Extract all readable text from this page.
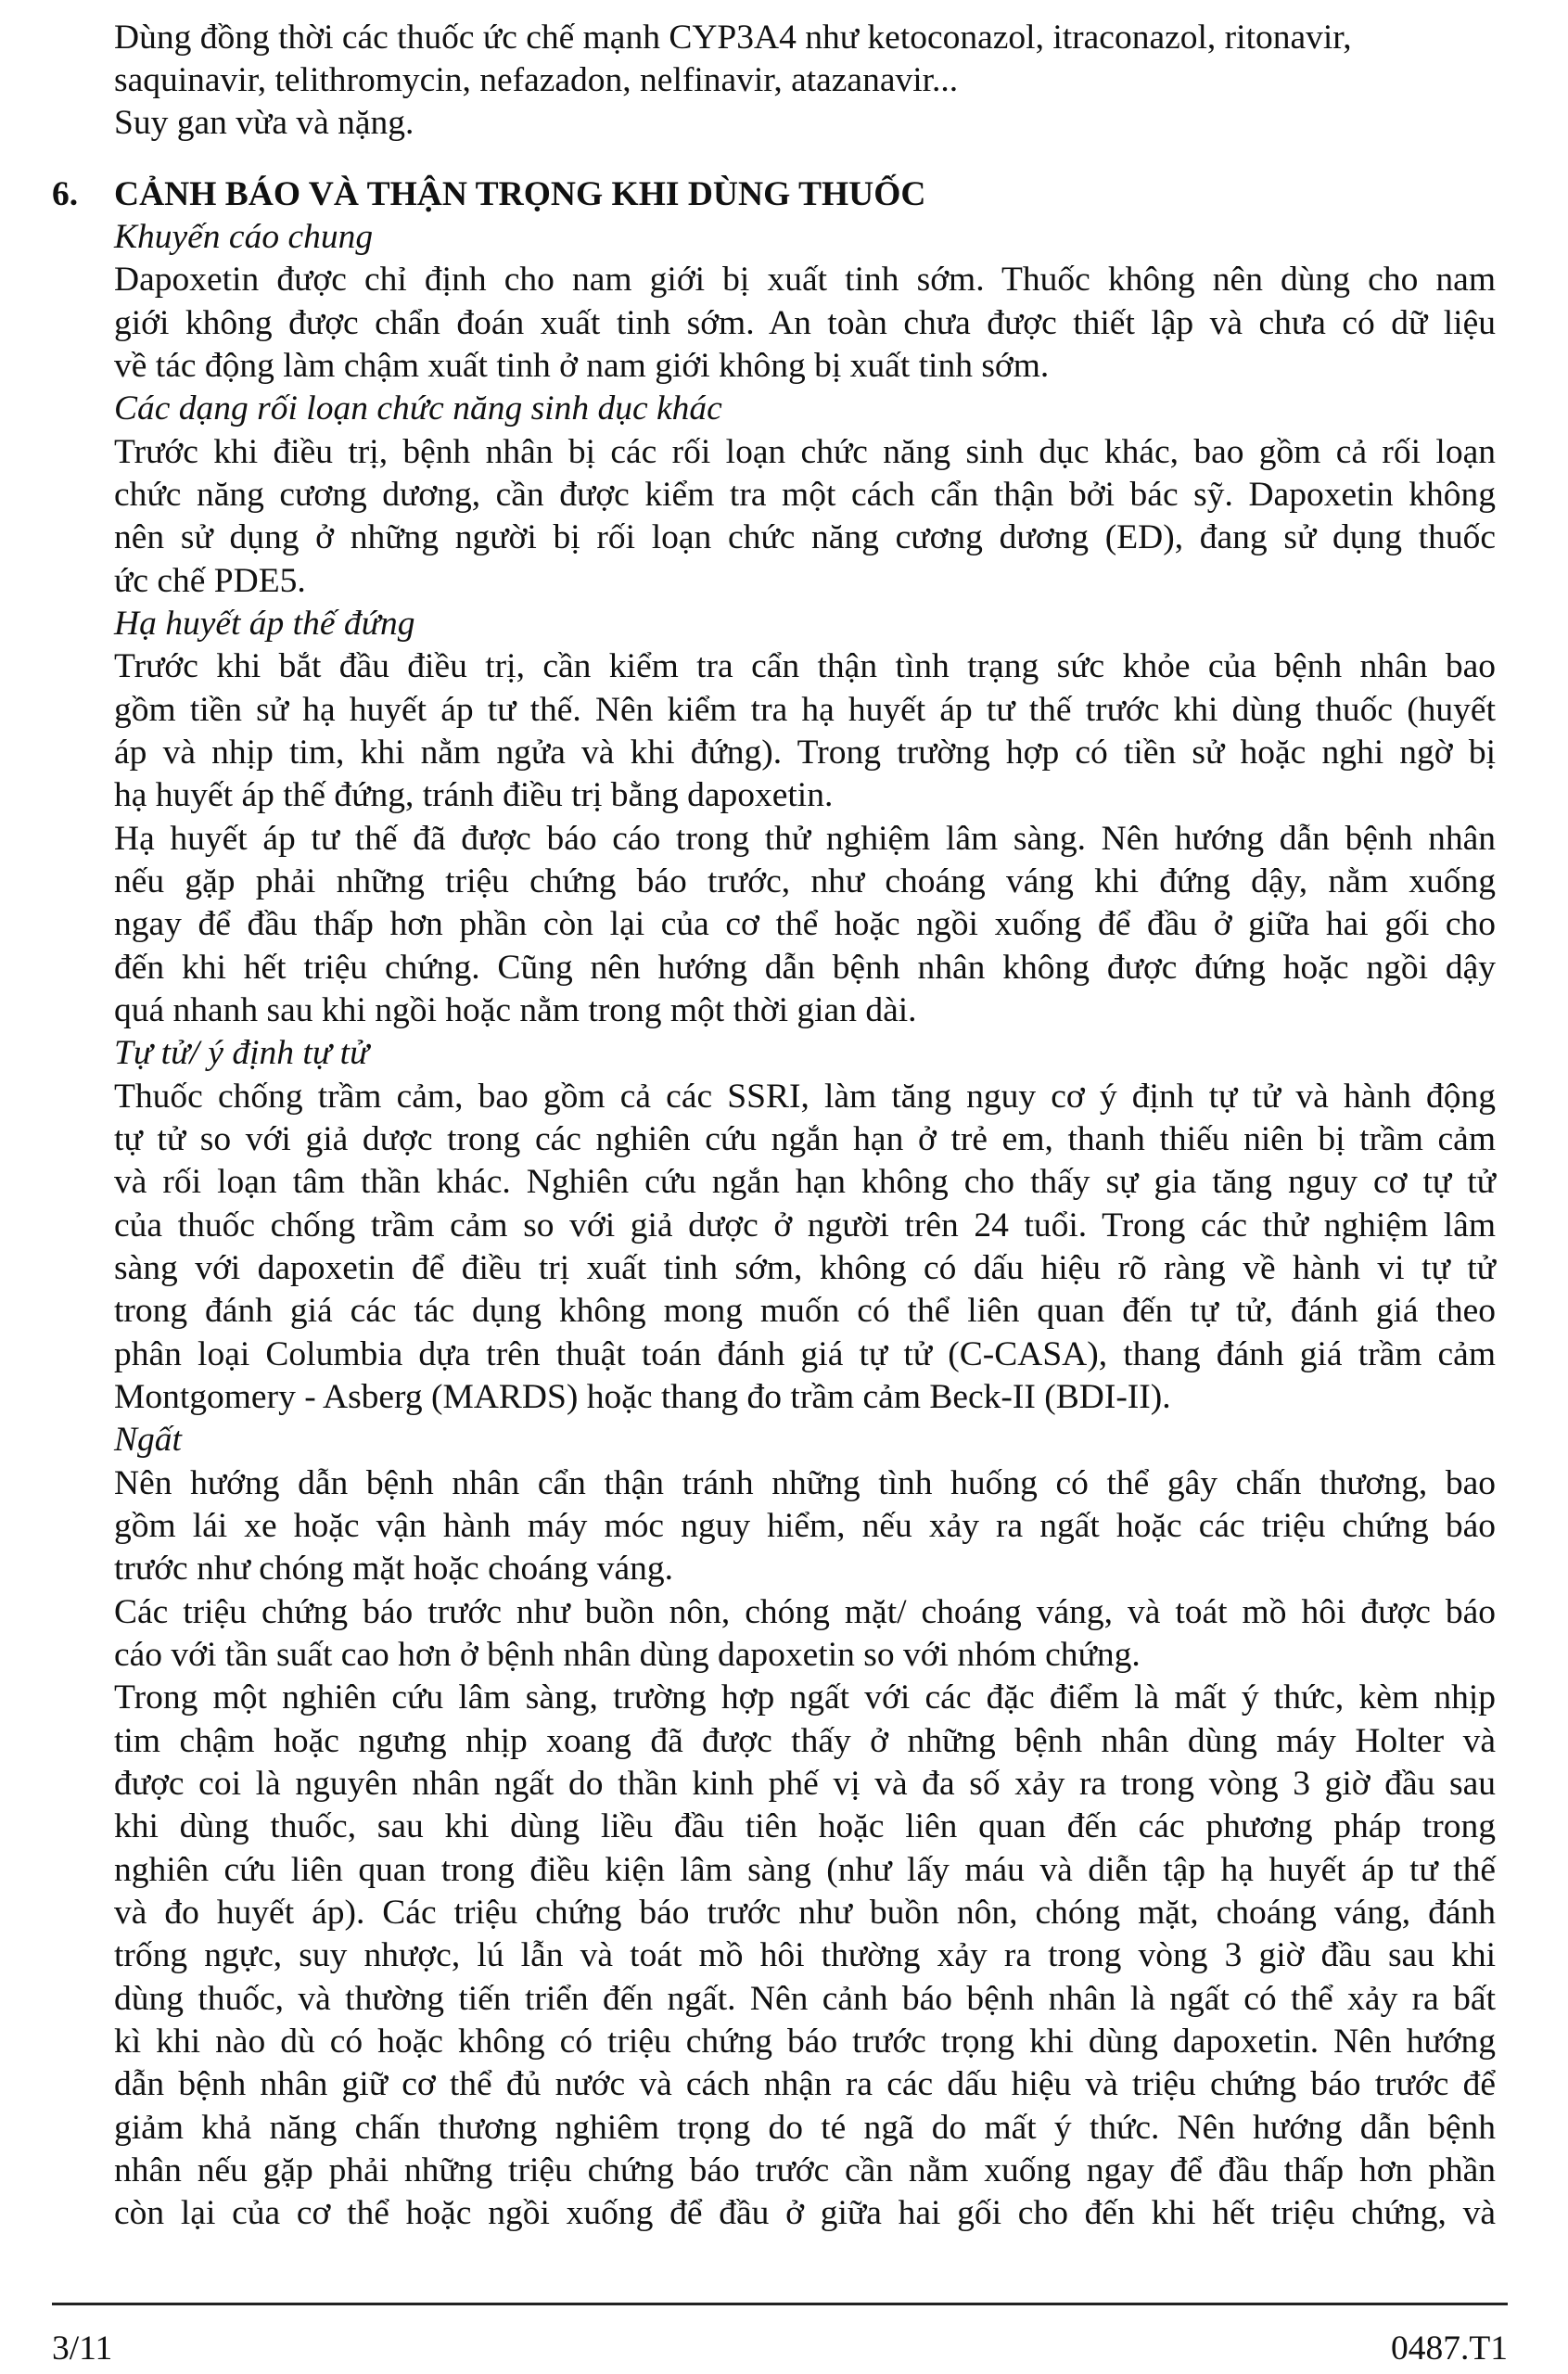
Dùng đồng thời các thuốc ức chế mạnh CYP3A4 như ketoconazol, itraconazol, ritonavir,
saquinavir, telithromycin, nefazadon, nelfinavir, atazanavir...
Suy gan vừa và nặng.
Khuyến cáo chung
Dapoxetin được chỉ định cho nam giới bị xuất tinh sớm. Thuốc không nên dùng cho nam
giới không được chẩn đoán xuất tinh sớm. An toàn chưa được thiết lập và chưa có dữ liệu
về tác động làm chậm xuất tinh ở nam giới không bị xuất tinh sớm.
Các dạng rối loạn chức năng sinh dục khác
Trước khi điều trị, bệnh nhân bị các rối loạn chức năng sinh dục khác, bao gồm cả rối loạn
chức năng cương dương, cần được kiểm tra một cách cẩn thận bởi bác sỹ. Dapoxetin không
nên sử dụng ở những người bị rối loạn chức năng cương dương (ED), đang sử dụng thuốc
ức chế PDE5.
Hạ huyết áp thế đứng
Trước khi bắt đầu điều trị, cần kiểm tra cẩn thận tình trạng sức khỏe của bệnh nhân bao
gồm tiền sử hạ huyết áp tư thế. Nên kiểm tra hạ huyết áp tư thế trước khi dùng thuốc (huyết
áp và nhịp tim, khi nằm ngửa và khi đứng). Trong trường hợp có tiền sử hoặc nghi ngờ bị
hạ huyết áp thế đứng, tránh điều trị bằng dapoxetin.
Hạ huyết áp tư thế đã được báo cáo trong thử nghiệm lâm sàng. Nên hướng dẫn bệnh nhân
nếu gặp phải những triệu chứng báo trước, như choáng váng khi đứng dậy, nằm xuống
ngay để đầu thấp hơn phần còn lại của cơ thể hoặc ngồi xuống để đầu ở giữa hai gối cho
đến khi hết triệu chứng. Cũng nên hướng dẫn bệnh nhân không được đứng hoặc ngồi dậy
quá nhanh sau khi ngồi hoặc nằm trong một thời gian dài.
Tự tử/ ý định tự tử
Thuốc chống trầm cảm, bao gồm cả các SSRI, làm tăng nguy cơ ý định tự tử và hành động
tự tử so với giả dược trong các nghiên cứu ngắn hạn ở trẻ em, thanh thiếu niên bị trầm cảm
và rối loạn tâm thần khác. Nghiên cứu ngắn hạn không cho thấy sự gia tăng nguy cơ tự tử
của thuốc chống trầm cảm so với giả dược ở người trên 24 tuổi. Trong các thử nghiệm lâm
sàng với dapoxetin để điều trị xuất tinh sớm, không có dấu hiệu rõ ràng về hành vi tự tử
trong đánh giá các tác dụng không mong muốn có thể liên quan đến tự tử, đánh giá theo
phân loại Columbia dựa trên thuật toán đánh giá tự tử (C-CASA), thang đánh giá trầm cảm
Montgomery - Asberg (MARDS) hoặc thang đo trầm cảm Beck-II (BDI-II).
Ngất
Nên hướng dẫn bệnh nhân cẩn thận tránh những tình huống có thể gây chấn thương, bao
gồm lái xe hoặc vận hành máy móc nguy hiểm, nếu xảy ra ngất hoặc các triệu chứng báo
trước như chóng mặt hoặc choáng váng.
Các triệu chứng báo trước như buồn nôn, chóng mặt/ choáng váng, và toát mồ hôi được báo
cáo với tần suất cao hơn ở bệnh nhân dùng dapoxetin so với nhóm chứng.
Trong một nghiên cứu lâm sàng, trường hợp ngất với các đặc điểm là mất ý thức, kèm nhịp
tim chậm hoặc ngưng nhịp xoang đã được thấy ở những bệnh nhân dùng máy Holter và
được coi là nguyên nhân ngất do thần kinh phế vị và đa số xảy ra trong vòng 3 giờ đầu sau
khi dùng thuốc, sau khi dùng liều đầu tiên hoặc liên quan đến các phương pháp trong
nghiên cứu liên quan trong điều kiện lâm sàng (như lấy máu và diễn tập hạ huyết áp tư thế
và đo huyết áp). Các triệu chứng báo trước như buồn nôn, chóng mặt, choáng váng, đánh
trống ngực, suy nhược, lú lẫn và toát mồ hôi thường xảy ra trong vòng 3 giờ đầu sau khi
dùng thuốc, và thường tiến triển đến ngất. Nên cảnh báo bệnh nhân là ngất có thể xảy ra bất
kì khi nào dù có hoặc không có triệu chứng báo trước trọng khi dùng dapoxetin. Nên hướng
dẫn bệnh nhân giữ cơ thể đủ nước và cách nhận ra các dấu hiệu và triệu chứng báo trước để
giảm khả năng chấn thương nghiêm trọng do té ngã do mất ý thức. Nên hướng dẫn bệnh
nhân nếu gặp phải những triệu chứng báo trước cần nằm xuống ngay để đầu thấp hơn phần
còn lại của cơ thể hoặc ngồi xuống để đầu ở giữa hai gối cho đến khi hết triệu chứng, và
6. CẢNH BÁO VÀ THẬN TRỌNG KHI DÙNG THUỐC
3/11	0487.T1
